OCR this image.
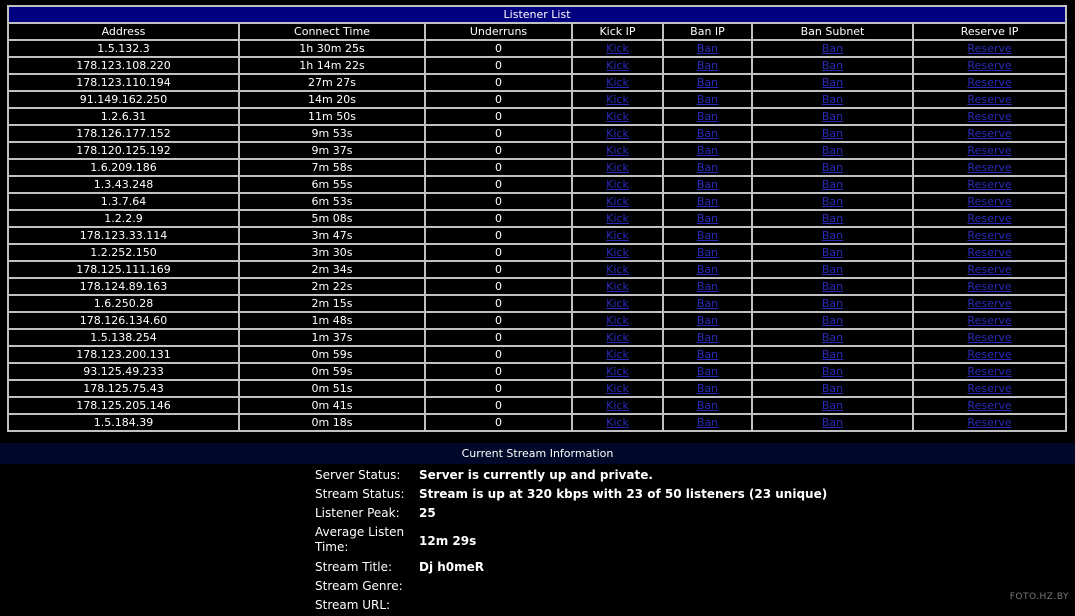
Listener List						
Address	Connect Time	Underruns	Kick IP	Ban IP	Ban Subnet	Reserve IP
1.5.132.3	1h 30m 25s	0	Kick	Ban	Ban	Reserve
178.123.108.220	1h 14m 22s	0	Kick	Ban	Ban	Reserve
178.123.110.194	27m 27s	0	Kick	Ban	Ban	Reserve
91.149.162.250	14m 20s	0	Kick	Ban	Ban	Reserve
1.2.6.31	11m 50s	0	Kick	Ban	Ban	Reserve
178.126.177.152	9m 53s	0	Kick	Ban	Ban	Reserve
178.120.125.192	9m 37s	0	Kick	Ban	Ban	Reserve
1.6.209.186	7m 58s	0	Kick	Ban	Ban	Reserve
1.3.43.248	6m 55s	0	Kick	Ban	Ban	Reserve
1.3.7.64	6m 53s	0	Kick	Ban	Ban	Reserve
1.2.2.9	5m 08s	0	Kick	Ban	Ban	Reserve
178.123.33.114	3m 47s	0	Kick	Ban	Ban	Reserve
1.2.252.150	3m 30s	0	Kick	Ban	Ban	Reserve
178.125.111.169	2m 34s	0	Kick	Ban	Ban	Reserve
178.124.89.163	2m 22s	0	Kick	Ban	Ban	Reserve
1.6.250.28	2m 15s	0	Kick	Ban	Ban	Reserve
178.126.134.60	1m 48s	0	Kick	Ban	Ban	Reserve
1.5.138.254	1m 37s	0	Kick	Ban	Ban	Reserve
178.123.200.131	0m 59s	0	Kick	Ban	Ban	Reserve
93.125.49.233	0m 59s	0	Kick	Ban	Ban	Reserve
178.125.75.43	0m 51s	0	Kick	Ban	Ban	Reserve
178.125.205.146	0m 41s	0	Kick	Ban	Ban	Reserve
1.5.184.39	0m 18s	0	Kick	Ban	Ban	Reserve
Current Stream Information
Server Status:	Server is currently up and private.
Stream Status:	Stream is up at 320 kbps with 23 of 50 listeners (23 unique)
Listener Peak:	25
Average Listen Time:	12m 29s
Stream Title:	Dj h0meR
Stream Genre:
Stream URL:
FOTO.HZ.BY
